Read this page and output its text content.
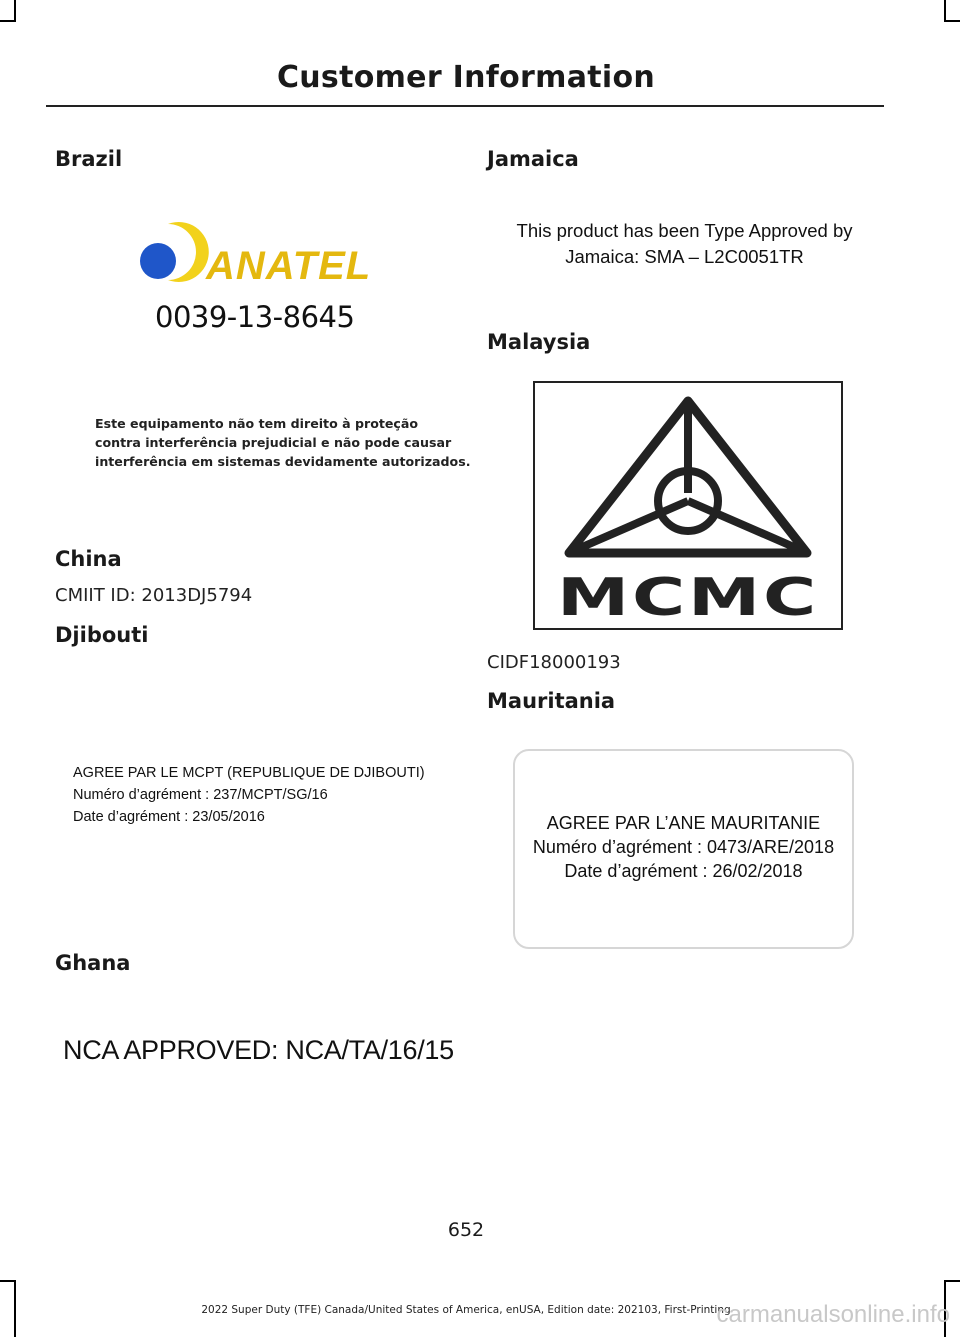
Customer Information
Brazil
ANATEL
0039-13-8645
Este equipamento não tem direito à proteção
contra interferência prejudicial e não pode causar
interferência em sistemas devidamente autorizados.
China
CMIIT ID: 2013DJ5794
Djibouti
AGREE PAR LE MCPT (REPUBLIQUE DE DJIBOUTI)
Numéro d’agrément : 237/MCPT/SG/16
Date d’agrément : 23/05/2016
Ghana
NCA APPROVED: NCA/TA/16/15
Jamaica
This product has been Type Approved by
Jamaica: SMA – L2C0051TR
Malaysia
MCMC
CIDF18000193
Mauritania
AGREE PAR L’ANE MAURITANIE
Numéro d’agrément : 0473/ARE/2018
Date d’agrément : 26/02/2018
652
2022 Super Duty (TFE) Canada/United States of America, enUSA, Edition date: 202103, First-Printing
carmanualsonline.info
